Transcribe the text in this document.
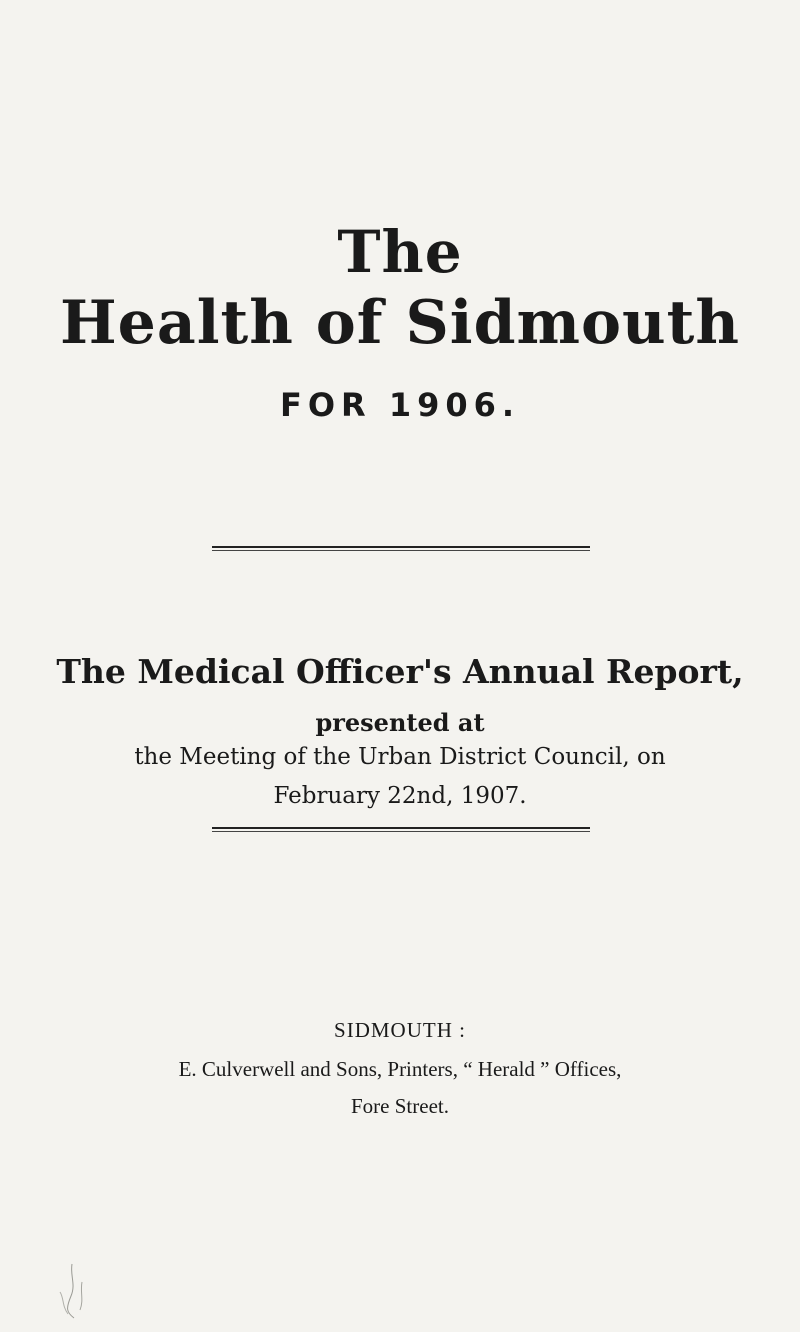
The
Health of Sidmouth
FOR 1906.
The Medical Officer's Annual Report,
presented at
the Meeting of the Urban District Council, on
February 22nd, 1907.
SIDMOUTH :
E. Culverwell and Sons, Printers, “ Herald ” Offices,
Fore Street.
